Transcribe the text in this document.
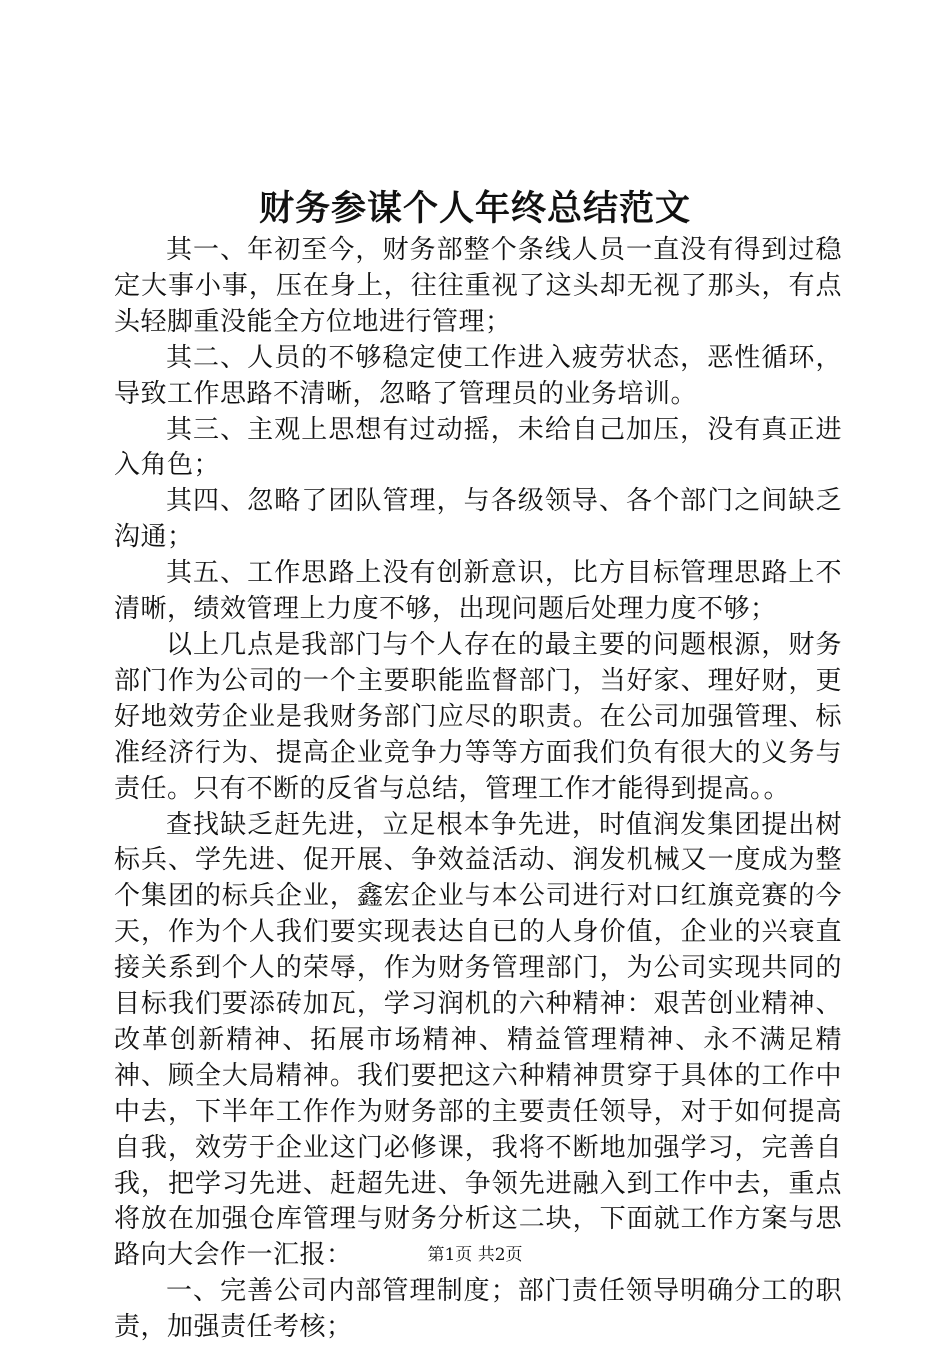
财务参谋个人年终总结范文

其一、年初至今，财务部整个条线人员一直没有得到过稳定大事小事，压在身上，往往重视了这头却无视了那头，有点头轻脚重没能全方位地进行管理；

其二、人员的不够稳定使工作进入疲劳状态，恶性循环，导致工作思路不清晰，忽略了管理员的业务培训。

其三、主观上思想有过动摇，未给自己加压，没有真正进入角色；

其四、忽略了团队管理，与各级领导、各个部门之间缺乏沟通；

其五、工作思路上没有创新意识，比方目标管理思路上不清晰，绩效管理上力度不够，出现问题后处理力度不够；

以上几点是我部门与个人存在的最主要的问题根源，财务部门作为公司的一个主要职能监督部门，当好家、理好财，更好地效劳企业是我财务部门应尽的职责。在公司加强管理、标准经济行为、提高企业竞争力等等方面我们负有很大的义务与责任。只有不断的反省与总结，管理工作才能得到提高。。

查找缺乏赶先进，立足根本争先进，时值润发集团提出树标兵、学先进、促开展、争效益活动、润发机械又一度成为整个集团的标兵企业，鑫宏企业与本公司进行对口红旗竞赛的今天，作为个人我们要实现表达自已的人身价值，企业的兴衰直接关系到个人的荣辱，作为财务管理部门，为公司实现共同的目标我们要添砖加瓦，学习润机的六种精神：艰苦创业精神、改革创新精神、拓展市场精神、精益管理精神、永不满足精神、顾全大局精神。我们要把这六种精神贯穿于具体的工作中中去，下半年工作作为财务部的主要责任领导，对于如何提高自我，效劳于企业这门必修课，我将不断地加强学习，完善自我，把学习先进、赶超先进、争领先进融入到工作中去，重点将放在加强仓库管理与财务分析这二块，下面就工作方案与思路向大会作一汇报：

一、完善公司内部管理制度；部门责任领导明确分工的职责，加强责任考核；

第1页 共2页
